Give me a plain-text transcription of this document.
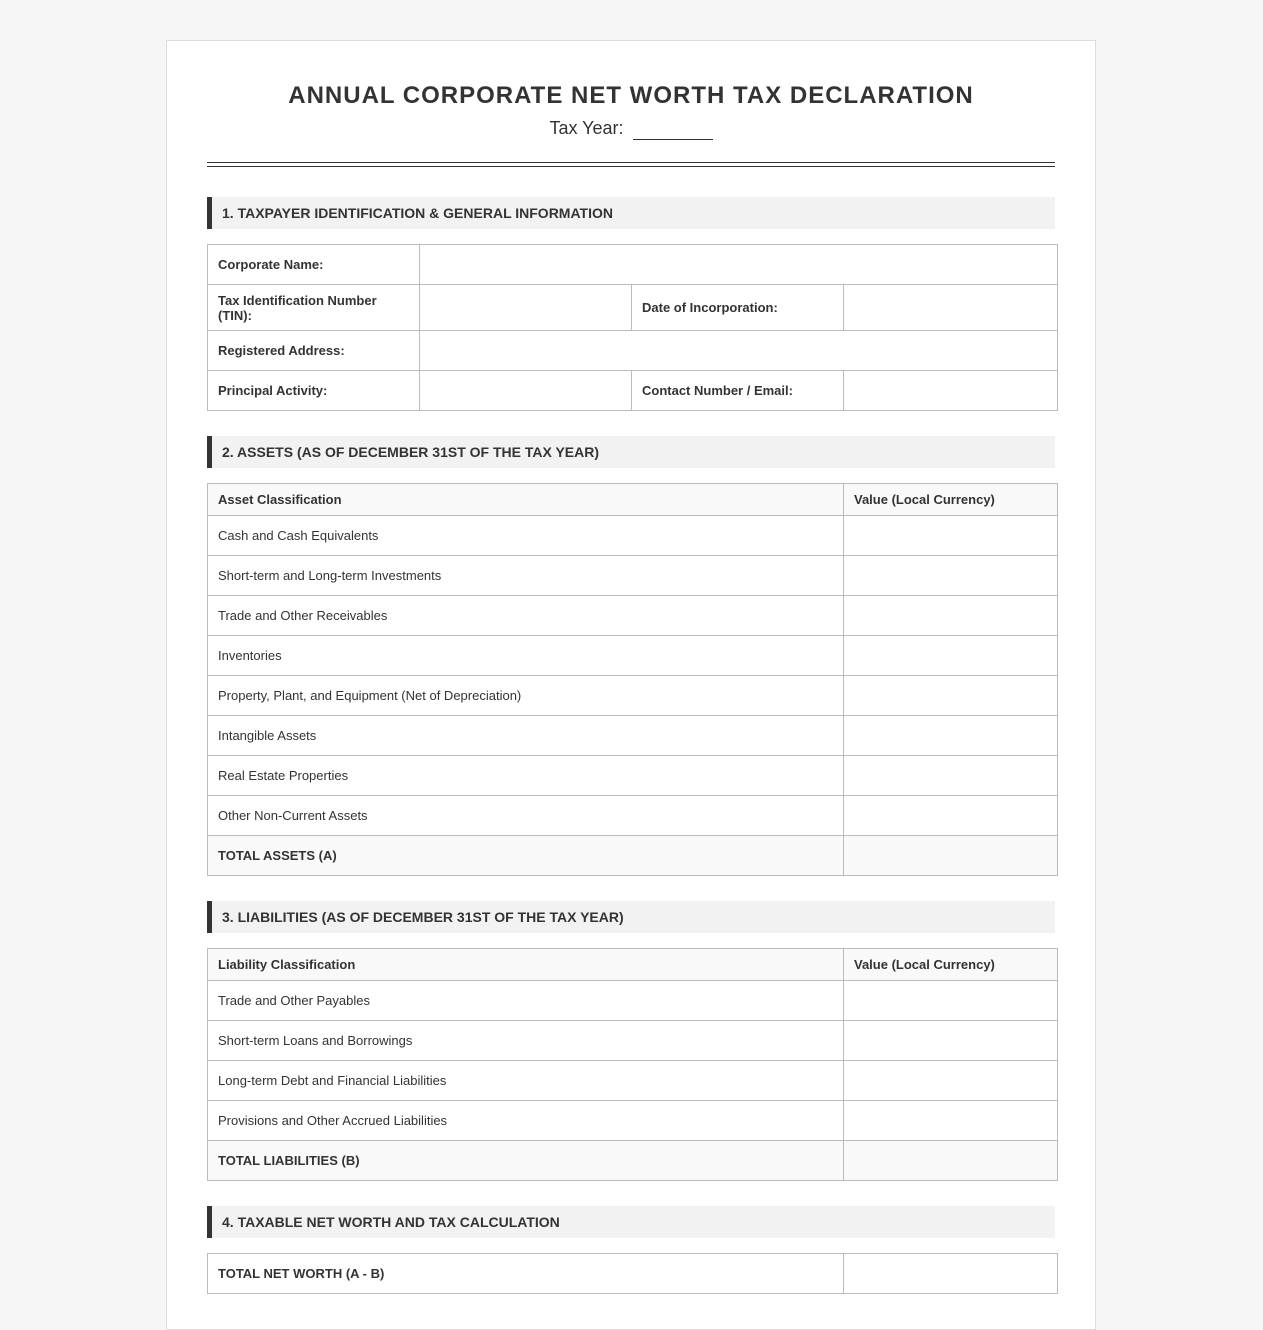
ANNUAL CORPORATE NET WORTH TAX DECLARATION
Tax Year:
1. TAXPAYER IDENTIFICATION & GENERAL INFORMATION
Corporate Name:			
Tax Identification Number (TIN):		Date of Incorporation:	
Registered Address:			
Principal Activity:		Contact Number / Email:	
2. ASSETS (AS OF DECEMBER 31ST OF THE TAX YEAR)
Asset Classification	Value (Local Currency)
Cash and Cash Equivalents	
Short-term and Long-term Investments	
Trade and Other Receivables	
Inventories	
Property, Plant, and Equipment (Net of Depreciation)	
Intangible Assets	
Real Estate Properties	
Other Non-Current Assets	
TOTAL ASSETS (A)	
3. LIABILITIES (AS OF DECEMBER 31ST OF THE TAX YEAR)
Liability Classification	Value (Local Currency)
Trade and Other Payables	
Short-term Loans and Borrowings	
Long-term Debt and Financial Liabilities	
Provisions and Other Accrued Liabilities	
TOTAL LIABILITIES (B)	
4. TAXABLE NET WORTH AND TAX CALCULATION
TOTAL NET WORTH (A - B)	
